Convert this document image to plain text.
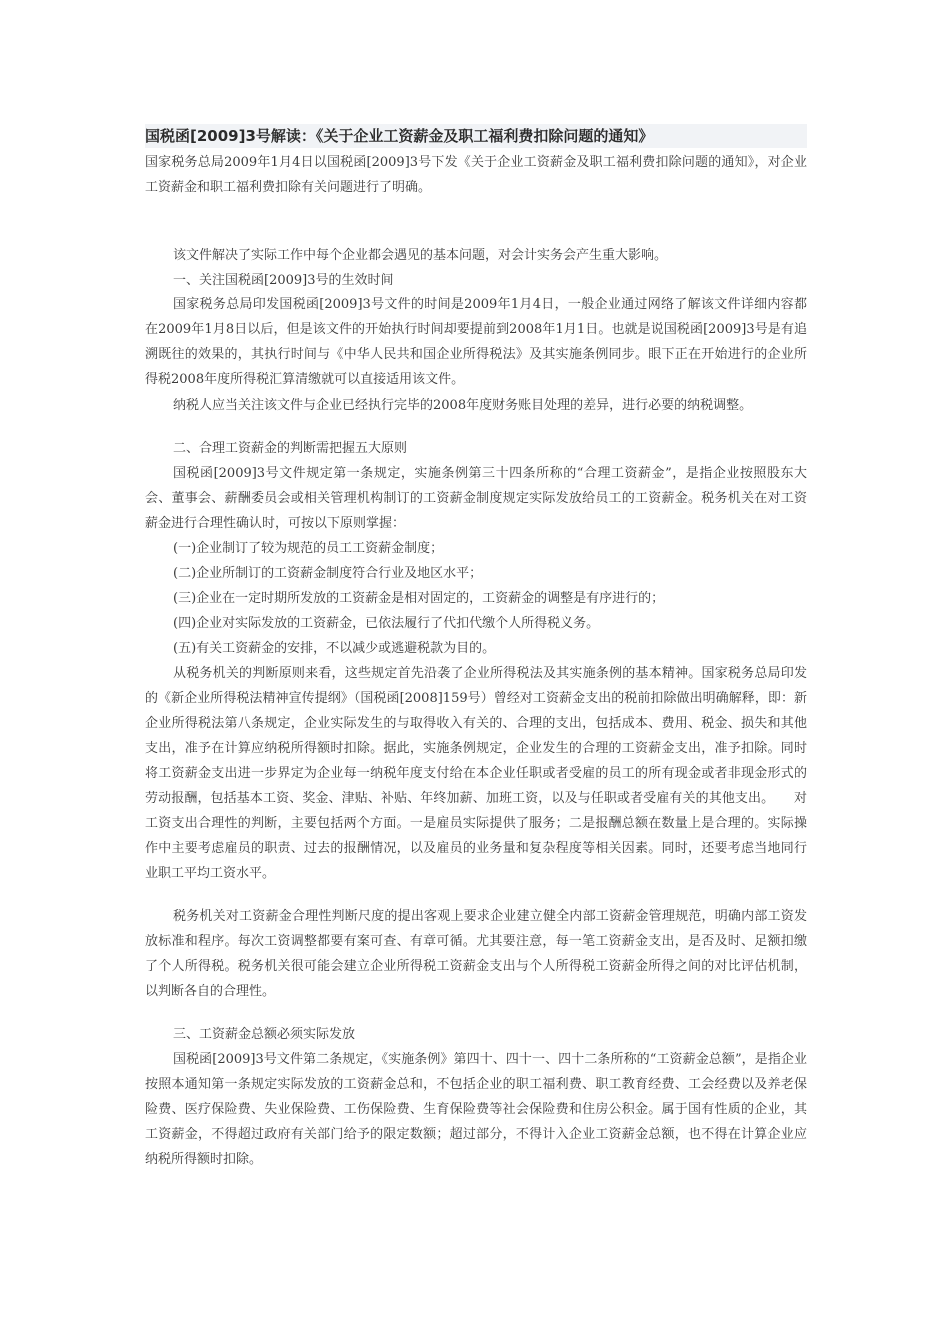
国税函[2009]3号解读：《关于企业工资薪金及职工福利费扣除问题的通知》
国家税务总局2009年1月4日以国税函[2009]3号下发《关于企业工资薪金及职工福利费扣除问题的通知》，对企业工资薪金和职工福利费扣除有关问题进行了明确。
该文件解决了实际工作中每个企业都会遇见的基本问题，对会计实务会产生重大影响。
一、关注国税函[2009]3号的生效时间
国家税务总局印发国税函[2009]3号文件的时间是2009年1月4日，一般企业通过网络了解该文件详细内容都在2009年1月8日以后，但是该文件的开始执行时间却要提前到2008年1月1日。也就是说国税函[2009]3号是有追溯既往的效果的，其执行时间与《中华人民共和国企业所得税法》及其实施条例同步。眼下正在开始进行的企业所得税2008年度所得税汇算清缴就可以直接适用该文件。
纳税人应当关注该文件与企业已经执行完毕的2008年度财务账目处理的差异，进行必要的纳税调整。
二、合理工资薪金的判断需把握五大原则
国税函[2009]3号文件规定第一条规定，实施条例第三十四条所称的“合理工资薪金”，是指企业按照股东大会、董事会、薪酬委员会或相关管理机构制订的工资薪金制度规定实际发放给员工的工资薪金。税务机关在对工资薪金进行合理性确认时，可按以下原则掌握：
(一)企业制订了较为规范的员工工资薪金制度；
(二)企业所制订的工资薪金制度符合行业及地区水平；
(三)企业在一定时期所发放的工资薪金是相对固定的，工资薪金的调整是有序进行的；
(四)企业对实际发放的工资薪金，已依法履行了代扣代缴个人所得税义务。
(五)有关工资薪金的安排，不以减少或逃避税款为目的。
从税务机关的判断原则来看，这些规定首先沿袭了企业所得税法及其实施条例的基本精神。国家税务总局印发的《新企业所得税法精神宣传提纲》（国税函[2008]159号）曾经对工资薪金支出的税前扣除做出明确解释，即：新企业所得税法第八条规定，企业实际发生的与取得收入有关的、合理的支出，包括成本、费用、税金、损失和其他支出，准予在计算应纳税所得额时扣除。据此，实施条例规定，企业发生的合理的工资薪金支出，准予扣除。同时将工资薪金支出进一步界定为企业每一纳税年度支付给在本企业任职或者受雇的员工的所有现金或者非现金形式的劳动报酬，包括基本工资、奖金、津贴、补贴、年终加薪、加班工资，以及与任职或者受雇有关的其他支出。　　对工资支出合理性的判断，主要包括两个方面。一是雇员实际提供了服务；二是报酬总额在数量上是合理的。实际操作中主要考虑雇员的职责、过去的报酬情况，以及雇员的业务量和复杂程度等相关因素。同时，还要考虑当地同行业职工平均工资水平。
税务机关对工资薪金合理性判断尺度的提出客观上要求企业建立健全内部工资薪金管理规范，明确内部工资发放标准和程序。每次工资调整都要有案可查、有章可循。尤其要注意，每一笔工资薪金支出，是否及时、足额扣缴了个人所得税。税务机关很可能会建立企业所得税工资薪金支出与个人所得税工资薪金所得之间的对比评估机制，以判断各自的合理性。
三、工资薪金总额必须实际发放
国税函[2009]3号文件第二条规定，《实施条例》第四十、四十一、四十二条所称的“工资薪金总额”，是指企业按照本通知第一条规定实际发放的工资薪金总和，不包括企业的职工福利费、职工教育经费、工会经费以及养老保险费、医疗保险费、失业保险费、工伤保险费、生育保险费等社会保险费和住房公积金。属于国有性质的企业，其工资薪金，不得超过政府有关部门给予的限定数额；超过部分，不得计入企业工资薪金总额，也不得在计算企业应纳税所得额时扣除。
